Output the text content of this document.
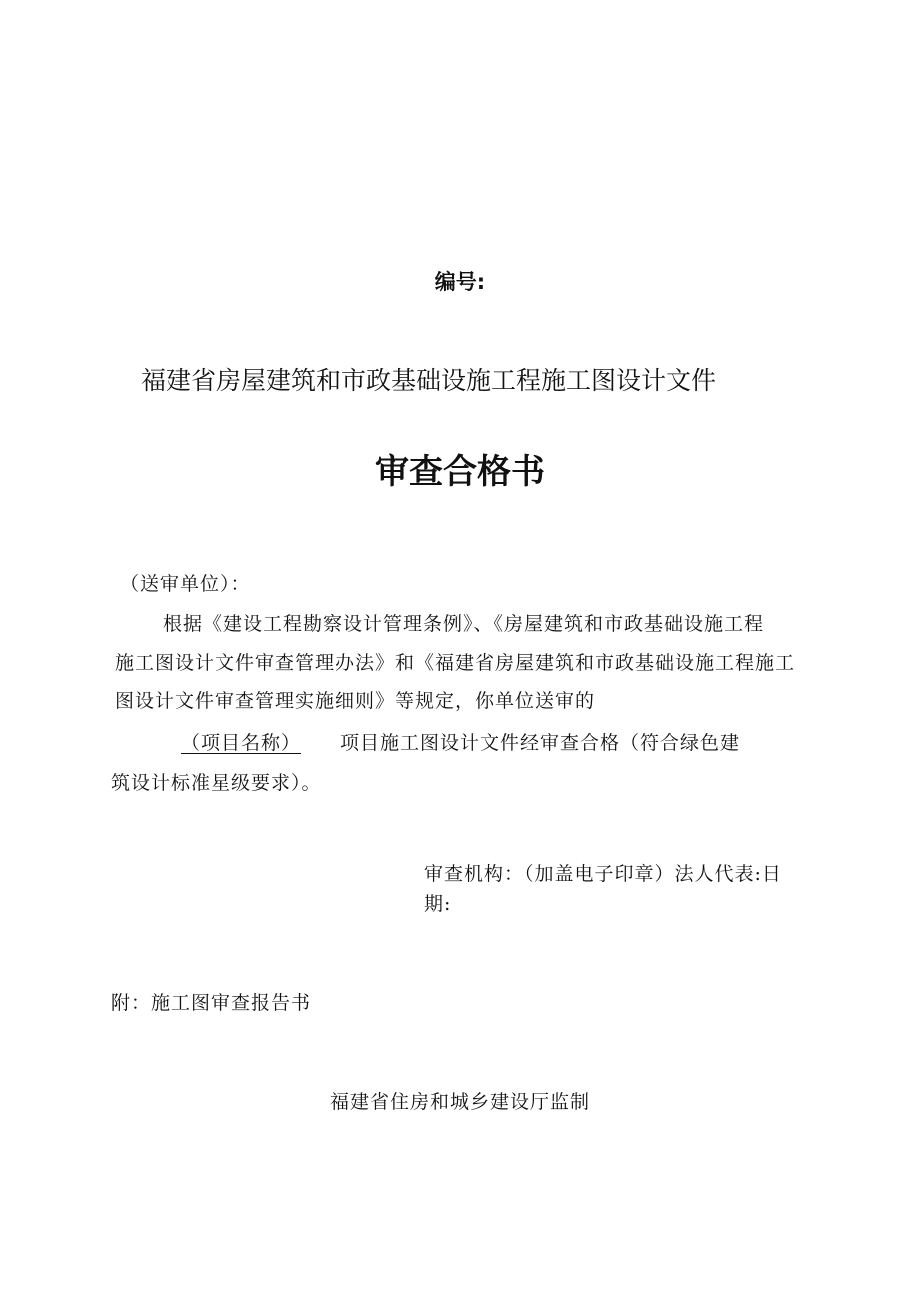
编号:
福建省房屋建筑和市政基础设施工程施工图设计文件
审查合格书
（送审单位）：
根据《建设工程勘察设计管理条例》、《房屋建筑和市政基础设施工程
施工图设计文件审查管理办法》和《福建省房屋建筑和市政基础设施工程施工
图设计文件审查管理实施细则》等规定，你单位送审的
（项目名称）	项目施工图设计文件经审查合格（符合绿色建
筑设计标准星级要求）。
审查机构：（加盖电子印章）法人代表:日
期:
附：施工图审查报告书
福建省住房和城乡建设厅监制
